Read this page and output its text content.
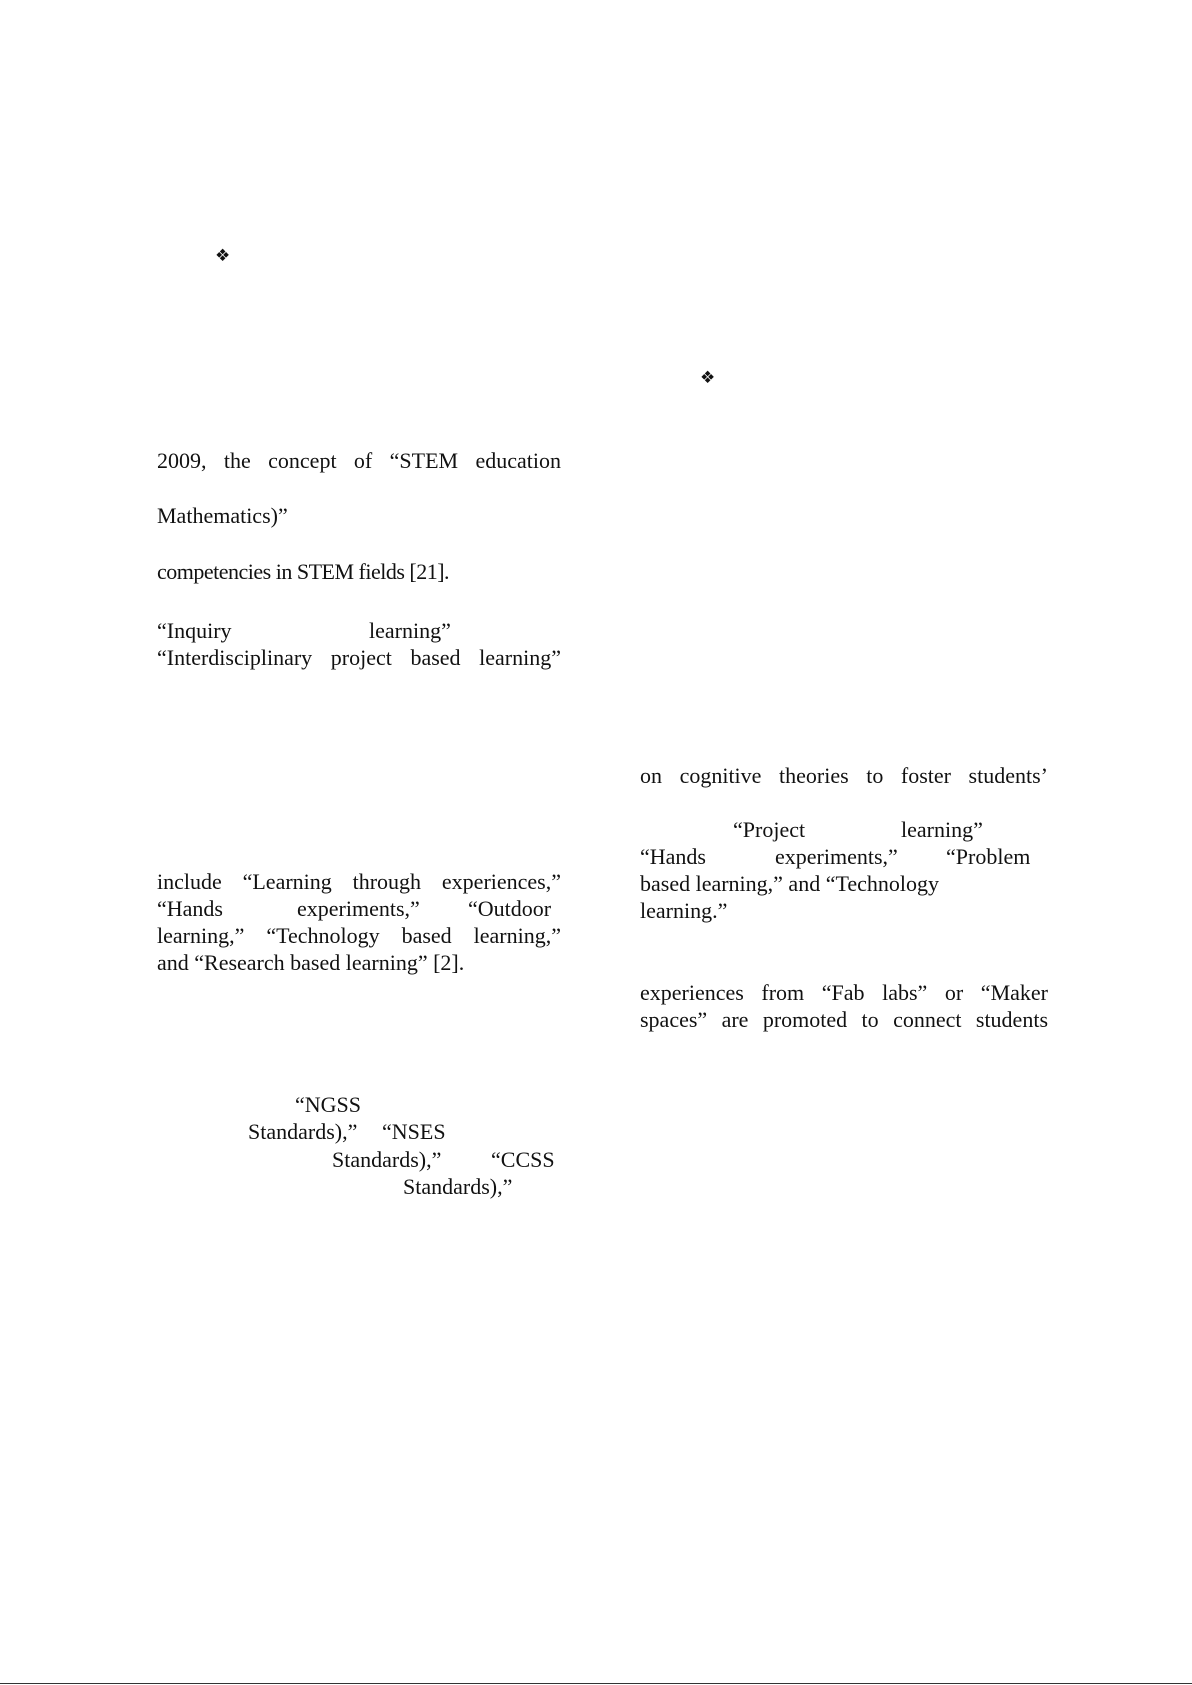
❖
❖

2009, the concept of “STEM education

Mathematics)”

competencies in STEM fields [21].

“Inquiry	learning”

“Interdisciplinary project based learning”

include “Learning through experiences,”

“Hands	experiments,” “Outdoor

learning,” “Technology based learning,”

and “Research based learning” [2].

“NGSS

Standards),” “NSES

Standards),” “CCSS

Standards),”

on cognitive theories to foster students’

“Project	learning”

“Hands	experiments,” “Problem

based learning,” and “Technology

learning.”

experiences from “Fab labs” or “Maker

spaces” are promoted to connect students
